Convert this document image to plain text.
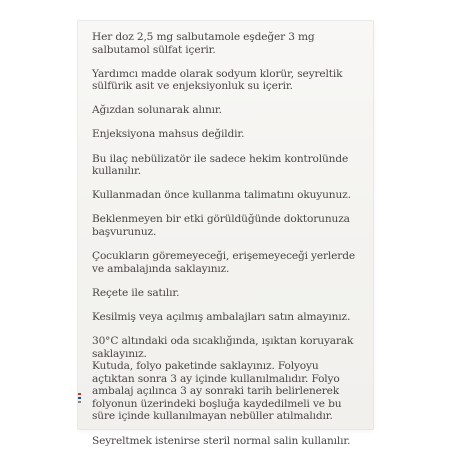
Her doz 2,5 mg salbutamole eşdeğer 3 mg salbutamol sülfat içerir.

Yardımcı madde olarak sodyum klorür, seyreltik sülfürik asit ve enjeksiyonluk su içerir.

Ağızdan solunarak alınır.

Enjeksiyona mahsus değildir.

Bu ilaç nebülizatör ile sadece hekim kontrolünde kullanılır.

Kullanmadan önce kullanma talimatını okuyunuz.

Beklenmeyen bir etki görüldüğünde doktorunuza başvurunuz.

Çocukların göremeyeceği, erişemeyeceği yerlerde ve ambalajında saklayınız.

Reçete ile satılır.

Kesilmiş veya açılmış ambalajları satın almayınız.

30°C altındaki oda sıcaklığında, ışıktan koruyarak saklayınız.

Kutuda, folyo paketinde saklayınız. Folyoyu açtıktan sonra 3 ay içinde kullanılmalıdır. Folyo ambalaj açılınca 3 ay sonraki tarih belirlenerek folyonun üzerindeki boşluğa kaydedilmeli ve bu süre içinde kullanılmayan nebüller atılmalıdır.

Seyreltmek istenirse steril normal salin kullanılır.
